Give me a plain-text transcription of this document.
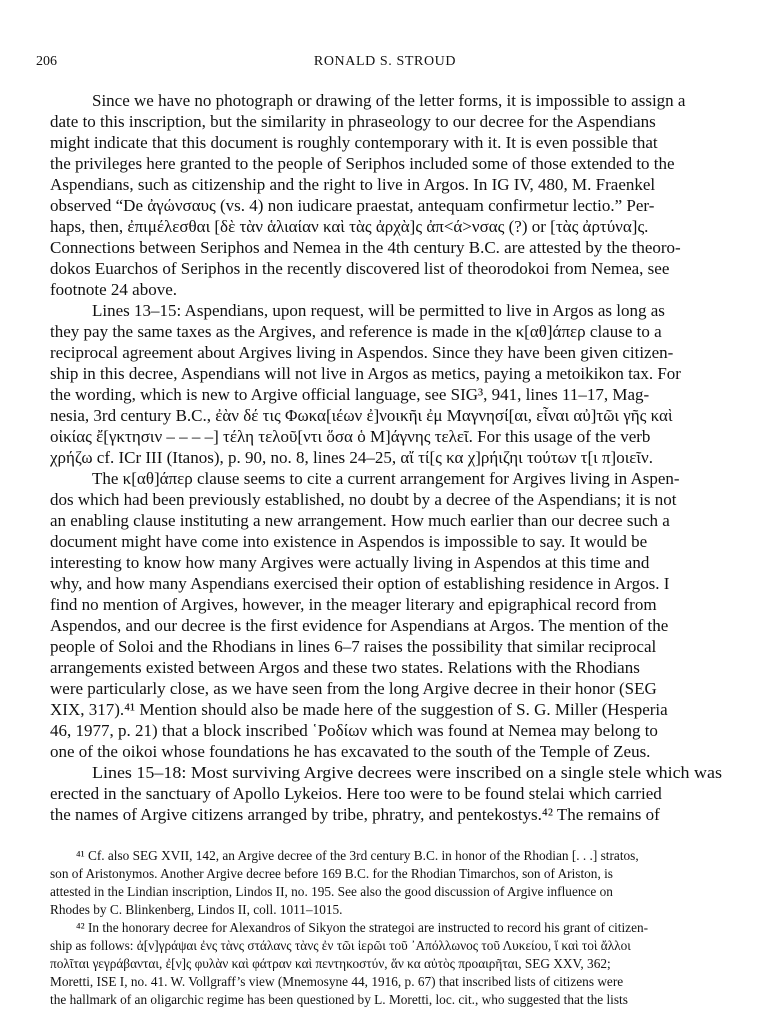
206	RONALD S. STROUD
Since we have no photograph or drawing of the letter forms, it is impossible to assign a
date to this inscription, but the similarity in phraseology to our decree for the Aspendians
might indicate that this document is roughly contemporary with it. It is even possible that
the privileges here granted to the people of Seriphos included some of those extended to the
Aspendians, such as citizenship and the right to live in Argos. In IG IV, 480, M. Fraenkel
observed “De ἀγώνσαυς (vs. 4) non iudicare praestat, antequam confirmetur lectio.” Per-
haps, then, ἐπιμέλεσθαι [δὲ τὰν ἁλιαίαν καὶ τὰς ἀρχὰ]ς ἀπ<ά>νσας (?) or [τὰς ἀρτύνα]ς.
Connections between Seriphos and Nemea in the 4th century B.C. are attested by the theoro-
dokos Euarchos of Seriphos in the recently discovered list of theorodokoi from Nemea, see
footnote 24 above.
Lines 13–15: Aspendians, upon request, will be permitted to live in Argos as long as
they pay the same taxes as the Argives, and reference is made in the κ[αθ]άπερ clause to a
reciprocal agreement about Argives living in Aspendos. Since they have been given citizen-
ship in this decree, Aspendians will not live in Argos as metics, paying a metoikikon tax. For
the wording, which is new to Argive official language, see SIG³, 941, lines 11–17, Mag-
nesia, 3rd century B.C., ἐὰν δέ τις Φωκα[ιέων ἐ]νοικῆι ἐμ Μαγνησί[αι, εἶναι αὐ]τῶι γῆς καὶ
οἰκίας ἔ[γκτησιν – – – –] τέλη τελοῦ[ντι ὅσα ὁ Μ]άγνης τελεῖ. For this usage of the verb
χρήζω cf. ICr III (Itanos), p. 90, no. 8, lines 24–25, αἴ τί[ς κα χ]ρήιζηι τούτων τ[ι π]οιεῖν.
The κ[αθ]άπερ clause seems to cite a current arrangement for Argives living in Aspen-
dos which had been previously established, no doubt by a decree of the Aspendians; it is not
an enabling clause instituting a new arrangement. How much earlier than our decree such a
document might have come into existence in Aspendos is impossible to say. It would be
interesting to know how many Argives were actually living in Aspendos at this time and
why, and how many Aspendians exercised their option of establishing residence in Argos. I
find no mention of Argives, however, in the meager literary and epigraphical record from
Aspendos, and our decree is the first evidence for Aspendians at Argos. The mention of the
people of Soloi and the Rhodians in lines 6–7 raises the possibility that similar reciprocal
arrangements existed between Argos and these two states. Relations with the Rhodians
were particularly close, as we have seen from the long Argive decree in their honor (SEG
XIX, 317).⁴¹ Mention should also be made here of the suggestion of S. G. Miller (Hesperia
46, 1977, p. 21) that a block inscribed ῾Ροδίων which was found at Nemea may belong to
one of the oikoi whose foundations he has excavated to the south of the Temple of Zeus.
Lines 15–18: Most surviving Argive decrees were inscribed on a single stele which was
erected in the sanctuary of Apollo Lykeios. Here too were to be found stelai which carried
the names of Argive citizens arranged by tribe, phratry, and pentekostys.⁴² The remains of
⁴¹ Cf. also SEG XVII, 142, an Argive decree of the 3rd century B.C. in honor of the Rhodian [. . .] stratos,
son of Aristonymos. Another Argive decree before 169 B.C. for the Rhodian Timarchos, son of Ariston, is
attested in the Lindian inscription, Lindos II, no. 195. See also the good discussion of Argive influence on
Rhodes by C. Blinkenberg, Lindos II, coll. 1011–1015.
⁴² In the honorary decree for Alexandros of Sikyon the strategoi are instructed to record his grant of citizen-
ship as follows: ἀ[ν]γράψαι ἐνς τὰνς στάλανς τὰνς ἐν τῶι ἱερῶι τοῦ ᾿Απόλλωνος τοῦ Λυκείου, ἵ καὶ τοὶ ἄλλοι
πολῖται γεγράβανται, ἐ[ν]ς φυλὰν καὶ φάτραν καὶ πεντηκοστύν, ἅν κα αὐτὸς προαιρῆται, SEG XXV, 362;
Moretti, ISE I, no. 41. W. Vollgraff’s view (Mnemosyne 44, 1916, p. 67) that inscribed lists of citizens were
the hallmark of an oligarchic regime has been questioned by L. Moretti, loc. cit., who suggested that the lists
